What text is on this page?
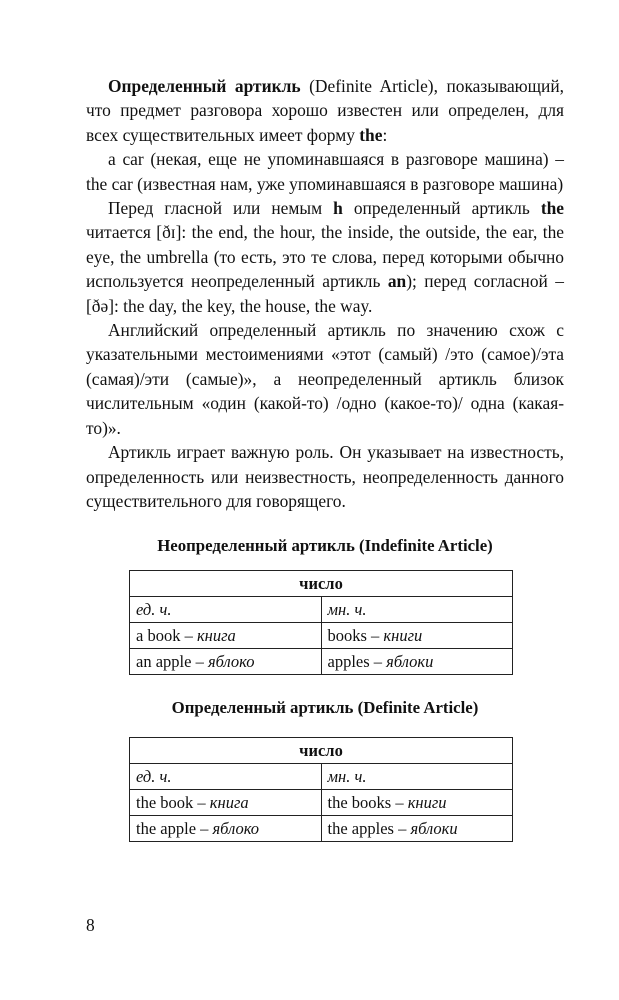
Определенный артикль (Definite Article), показывающий, что предмет разговора хорошо известен или определен, для всех существительных имеет форму the:

a car (некая, еще не упоминавшаяся в разговоре машина) – the car (известная нам, уже упоминавшаяся в разговоре машина)

Перед гласной или немым h определенный артикль the читается [ðɪ]: the end, the hour, the inside, the outside, the ear, the eye, the umbrella (то есть, это те слова, перед которыми обычно используется неопределенный артикль an); перед согласной – [ðə]: the day, the key, the house, the way.

Английский определенный артикль по значению схож с указательными местоимениями «этот (самый) /это (самое)/эта (самая)/эти (самые)», а неопределенный артикль близок числительным «один (какой-то) /одно (какое-то)/ одна (какая-то)».

Артикль играет важную роль. Он указывает на известность, определенность или неизвестность, неопределенность данного существительного для говорящего.

Неопределенный артикль (Indefinite Article)
число	
ед. ч.	мн. ч.
a book – книга	books – книги
an apple – яблоко	apples – яблоки
Определенный артикль (Definite Article)
число	
ед. ч.	мн. ч.
the book – книга	the books – книги
the apple – яблоко	the apples – яблоки
8
